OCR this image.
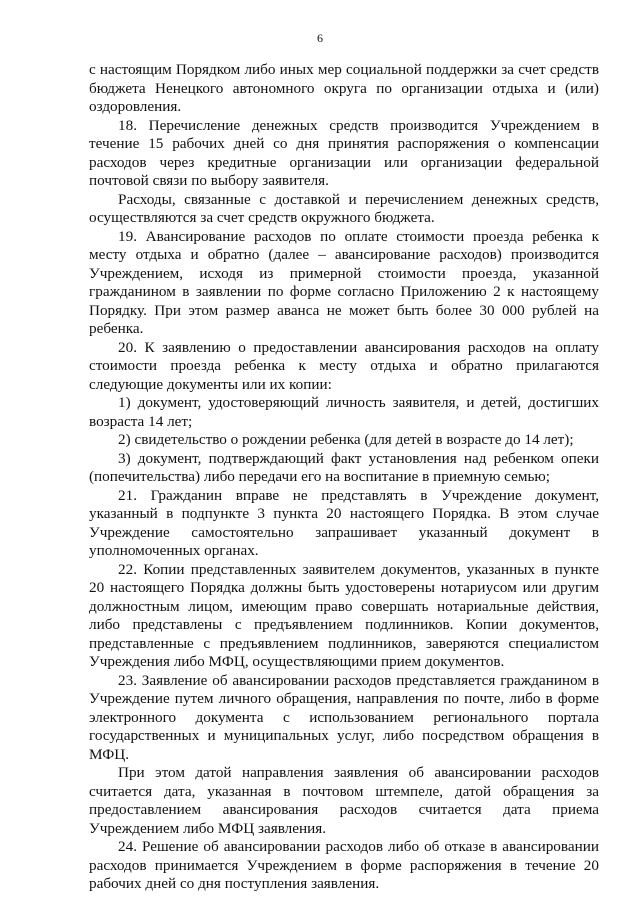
6

с настоящим Порядком либо иных мер социальной поддержки за счет средств бюджета Ненецкого автономного округа по организации отдыха и (или) оздоровления.

18. Перечисление денежных средств производится Учреждением в течение 15 рабочих дней со дня принятия распоряжения о компенсации расходов через кредитные организации или организации федеральной почтовой связи по выбору заявителя.

Расходы, связанные с доставкой и перечислением денежных средств, осуществляются за счет средств окружного бюджета.

19. Авансирование расходов по оплате стоимости проезда ребенка к месту отдыха и обратно (далее – авансирование расходов) производится Учреждением, исходя из примерной стоимости проезда, указанной гражданином в заявлении по форме согласно Приложению 2 к настоящему Порядку. При этом размер аванса не может быть более 30 000 рублей на ребенка.

20. К заявлению о предоставлении авансирования расходов на оплату стоимости проезда ребенка к месту отдыха и обратно прилагаются следующие документы или их копии:

1) документ, удостоверяющий личность заявителя, и детей, достигших возраста 14 лет;

2) свидетельство о рождении ребенка (для детей в возрасте до 14 лет);

3) документ, подтверждающий факт установления над ребенком опеки (попечительства) либо передачи его на воспитание в приемную семью;

21. Гражданин вправе не представлять в Учреждение документ, указанный в подпункте 3 пункта 20 настоящего Порядка. В этом случае Учреждение самостоятельно запрашивает указанный документ в уполномоченных органах.

22. Копии представленных заявителем документов, указанных в пункте 20 настоящего Порядка должны быть удостоверены нотариусом или другим должностным лицом, имеющим право совершать нотариальные действия, либо представлены с предъявлением подлинников. Копии документов, представленные с предъявлением подлинников, заверяются специалистом Учреждения либо МФЦ, осуществляющими прием документов.

23. Заявление об авансировании расходов представляется гражданином в Учреждение путем личного обращения, направления по почте, либо в форме электронного документа с использованием регионального портала государственных и муниципальных услуг, либо посредством обращения в МФЦ.

При этом датой направления заявления об авансировании расходов считается дата, указанная в почтовом штемпеле, датой обращения за предоставлением авансирования расходов считается дата приема Учреждением либо МФЦ заявления.

24. Решение об авансировании расходов либо об отказе в авансировании расходов принимается Учреждением в форме распоряжения в течение 20 рабочих дней со дня поступления заявления.
